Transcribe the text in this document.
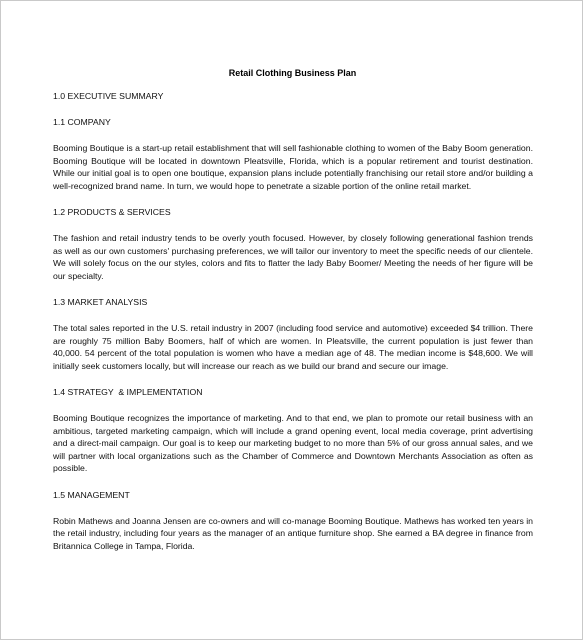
Retail Clothing Business Plan
1.0 EXECUTIVE SUMMARY
1.1 COMPANY

Booming Boutique is a start-up retail establishment that will sell fashionable clothing to women of the Baby Boom generation. Booming Boutique will be located in downtown Pleatsville, Florida, which is a popular retirement and tourist destination. While our initial goal is to open one boutique, expansion plans include potentially franchising our retail store and/or building a well-recognized brand name. In turn, we would hope to penetrate a sizable portion of the online retail market.

1.2 PRODUCTS & SERVICES

The fashion and retail industry tends to be overly youth focused. However, by closely following generational fashion trends as well as our own customers' purchasing preferences, we will tailor our inventory to meet the specific needs of our clientele. We will solely focus on the our styles, colors and fits to flatter the lady Baby Boomer/ Meeting the needs of her figure will be our specialty.

1.3 MARKET ANALYSIS

The total sales reported in the U.S. retail industry in 2007 (including food service and automotive) exceeded $4 trillion. There are roughly 75 million Baby Boomers, half of which are women. In Pleatsville, the current population is just fewer than 40,000. 54 percent of the total population is women who have a median age of 48. The median income is $48,600. We will initially seek customers locally, but will increase our reach as we build our brand and secure our image.

1.4 STRATEGY  & IMPLEMENTATION

Booming Boutique recognizes the importance of marketing. And to that end, we plan to promote our retail business with an ambitious, targeted marketing campaign, which will include a grand opening event, local media coverage, print advertising and a direct-mail campaign. Our goal is to keep our marketing budget to no more than 5% of our gross annual sales, and we will partner with local organizations such as the Chamber of Commerce and Downtown Merchants Association as often as possible.

1.5 MANAGEMENT

Robin Mathews and Joanna Jensen are co-owners and will co-manage Booming Boutique. Mathews has worked ten years in the retail industry, including four years as the manager of an antique furniture shop. She earned a BA degree in finance from Britannica College in Tampa, Florida.
